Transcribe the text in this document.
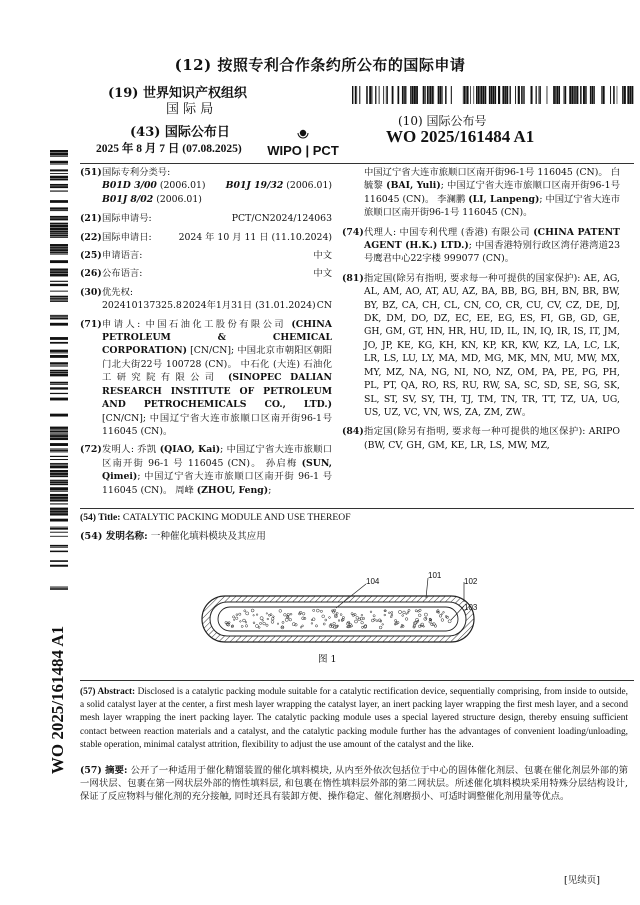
(12) 按照专利合作条约所公布的国际申请
(19) 世界知识产权组织
国 际 局
(43) 国际公布日
2025 年 8 月 7 日 (07.08.2025) WIPO | PCT
(10) 国际公布号
WO 2025/161484 A1
WO 2025/161484 A1
(51) 国际专利分类号:
B01D 3/00 (2006.01) B01J 19/32 (2006.01)
B01J 8/02 (2006.01)
(21) 国际申请号:	PCT/CN2024/124063
(22) 国际申请日:	2024 年 10 月 11 日 (11.10.2024)
(25) 申请语言:	中文
(26) 公布语言:	中文
(30) 优先权:
202410137325.8 2024年1月31日 (31.01.2024) CN
(71) 申请人: 中国石油化工股份有限公司 (CHINA PETROLEUM & CHEMICAL CORPORATION) [CN/CN]; 中国北京市朝阳区朝阳门北大街22号 100728 (CN)。 中石化 (大连) 石油化工研究院有限公司 (SINOPEC DALIAN RESEARCH INSTITUTE OF PETROLEUM AND PETROCHEMICALS CO., LTD.) [CN/CN]; 中国辽宁省大连市旅顺口区南开街96-1号 116045 (CN)。
(72) 发明人: 乔凯 (QIAO, Kai); 中国辽宁省大连市旅顺口区南开街 96-1 号 116045 (CN)。 孙启梅 (SUN, Qimei); 中国辽宁省大连市旅顺口区南开街 96-1 号 116045 (CN)。 周峰 (ZHOU, Feng);
中国辽宁省大连市旅顺口区南开街96-1号 116045 (CN)。 白毓黎 (BAI, Yuli); 中国辽宁省大连市旅顺口区南开街96-1号 116045 (CN)。 李澜鹏 (LI, Lanpeng); 中国辽宁省大连市旅顺口区南开街96-1号 116045 (CN)。
(74) 代理人: 中国专利代理 (香港) 有限公司 (CHINA PATENT AGENT (H.K.) LTD.); 中国香港特别行政区湾仔港湾道23号鹰君中心22字楼 999077 (CN)。
(81) 指定国(除另有指明, 要求每一种可提供的国家保护): AE, AG, AL, AM, AO, AT, AU, AZ, BA, BB, BG, BH, BN, BR, BW, BY, BZ, CA, CH, CL, CN, CO, CR, CU, CV, CZ, DE, DJ, DK, DM, DO, DZ, EC, EE, EG, ES, FI, GB, GD, GE, GH, GM, GT, HN, HR, HU, ID, IL, IN, IQ, IR, IS, IT, JM, JO, JP, KE, KG, KH, KN, KP, KR, KW, KZ, LA, LC, LK, LR, LS, LU, LY, MA, MD, MG, MK, MN, MU, MW, MX, MY, MZ, NA, NG, NI, NO, NZ, OM, PA, PE, PG, PH, PL, PT, QA, RO, RS, RU, RW, SA, SC, SD, SE, SG, SK, SL, ST, SV, SY, TH, TJ, TM, TN, TR, TT, TZ, UA, UG, US, UZ, VC, VN, WS, ZA, ZM, ZW。
(84) 指定国(除另有指明, 要求每一种可提供的地区保护): ARIPO (BW, CV, GH, GM, KE, LR, LS, MW, MZ,
(54) Title: CATALYTIC PACKING MODULE AND USE THEREOF
(54) 发明名称: 一种催化填料模块及其应用
104
101
102
103
图 1
(57) Abstract: Disclosed is a catalytic packing module suitable for a catalytic rectification device, sequentially comprising, from inside to outside, a solid catalyst layer at the center, a first mesh layer wrapping the catalyst layer, an inert packing layer wrapping the first mesh layer, and a second mesh layer wrapping the inert packing layer. The catalytic packing module uses a special layered structure design, thereby ensuing sufficient contact between reaction materials and a catalyst, and the catalytic packing module further has the advantages of convenient loading/unloading, stable operation, minimal catalyst attrition, flexibility to adjust the use amount of the catalyst and the like.
(57) 摘要: 公开了一种适用于催化精馏装置的催化填料模块, 从内至外依次包括位于中心的固体催化剂层、包裹在催化剂层外部的第一网状层、包裹在第一网状层外部的惰性填料层, 和包裹在惰性填料层外部的第二网状层。所述催化填料模块采用特殊分层结构设计, 保证了反应物料与催化剂的充分接触, 同时还具有装卸方便、操作稳定、催化剂磨损小、可适时调整催化剂用量等优点。
[见续页]
